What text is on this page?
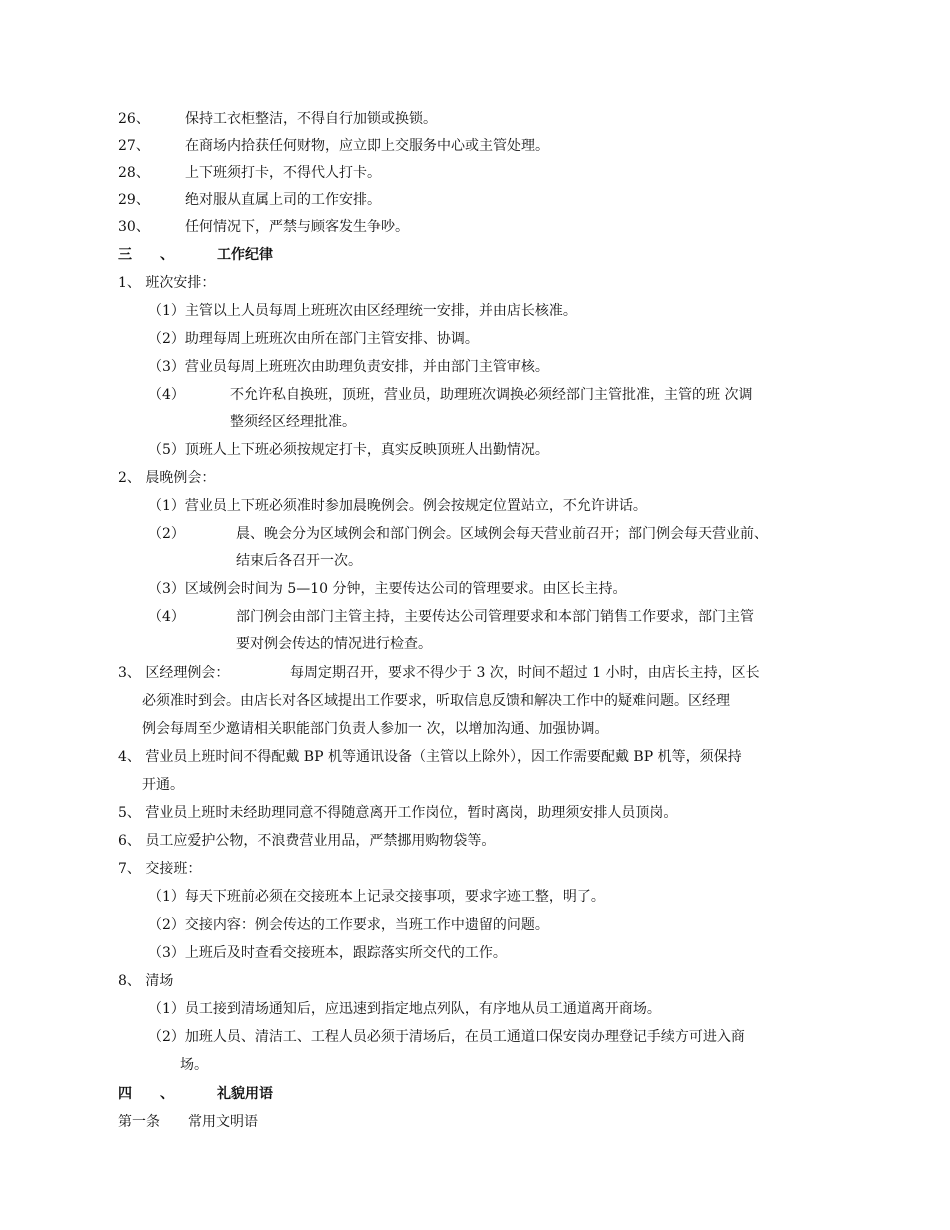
26、	保持工衣柜整洁，不得自行加锁或换锁。
27、	在商场内拾获任何财物，应立即上交服务中心或主管处理。
28、	上下班须打卡，不得代人打卡。
29、	绝对服从直属上司的工作安排。
30、	任何情况下，严禁与顾客发生争吵。
三 、	工作纪律
1、 班次安排：
（1）主管以上人员每周上班班次由区经理统一安排，并由店长核准。
（2）助理每周上班班次由所在部门主管安排、协调。
（3）营业员每周上班班次由助理负责安排，并由部门主管审核。
（4）	不允许私自换班，顶班，营业员，助理班次调换必须经部门主管批准，主管的班 次调
整须经区经理批准。
（5）顶班人上下班必须按规定打卡，真实反映顶班人出勤情况。
2、 晨晚例会：
（1）营业员上下班必须准时参加晨晚例会。例会按规定位置站立，不允许讲话。
（2）	晨、晚会分为区域例会和部门例会。区域例会每天营业前召开；部门例会每天营业前、
结束后各召开一次。
（3）区域例会时间为 5—10 分钟，主要传达公司的管理要求。由区长主持。
（4）	部门例会由部门主管主持，主要传达公司管理要求和本部门销售工作要求，部门主管
要对例会传达的情况进行检查。
3、 区经理例会：	每周定期召开，要求不得少于 3 次，时间不超过 1 小时，由店长主持，区长
必须准时到会。由店长对各区域提出工作要求，听取信息反馈和解决工作中的疑难问题。区经理
例会每周至少邀请相关职能部门负责人参加一 次，以增加沟通、加强协调。
4、 营业员上班时间不得配戴 BP 机等通讯设备（主管以上除外），因工作需要配戴 BP 机等，须保持
开通。
5、 营业员上班时未经助理同意不得随意离开工作岗位，暂时离岗，助理须安排人员顶岗。
6、 员工应爱护公物，不浪费营业用品，严禁挪用购物袋等。
7、 交接班：
（1）每天下班前必须在交接班本上记录交接事项，要求字迹工整，明了。
（2）交接内容：例会传达的工作要求，当班工作中遗留的问题。
（3）上班后及时查看交接班本，跟踪落实所交代的工作。
8、 清场
（1）员工接到清场通知后，应迅速到指定地点列队，有序地从员工通道离开商场。
（2）加班人员、清洁工、工程人员必须于清场后，在员工通道口保安岗办理登记手续方可进入商
场。
四 、	礼貌用语
第一条 常用文明语
